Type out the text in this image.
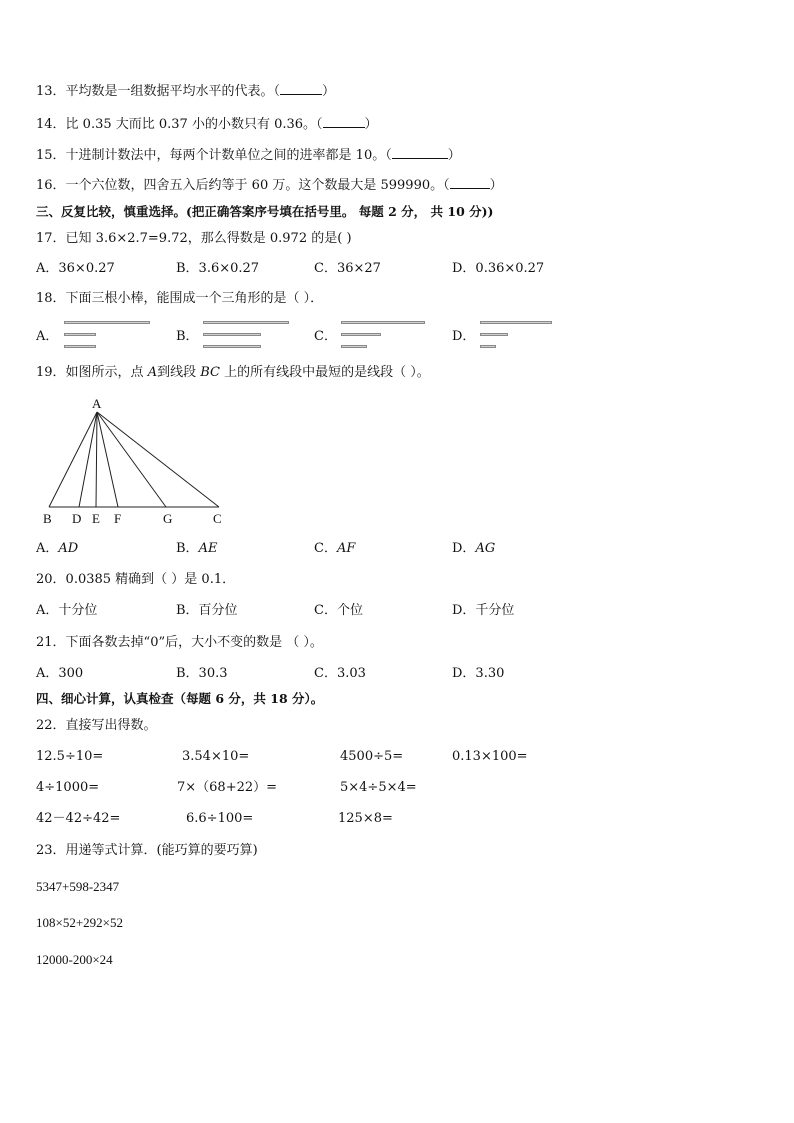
13．平均数是一组数据平均水平的代表。（	）
14．比 0.35 大而比 0.37 小的小数只有 0.36。（	）
15．十进制计数法中，每两个计数单位之间的进率都是 10。（	）
16．一个六位数，四舍五入后约等于 60 万。这个数最大是 599990。（	）
三、反复比较，慎重选择。(把正确答案序号填在括号里。 每题 2 分， 共 10 分))
17．已知 3.6×2.7=9.72，那么得数是 0.972 的是( )
A．36×0.27	B．3.6×0.27	C．36×27	D．0.36×0.27
18．下面三根小棒，能围成一个三角形的是（ ）．
A．	B．	C．	D．
19．如图所示，点 A到线段 BC 上的所有线段中最短的是线段（ ）。
A
B D E F	G	C
A．AD	B．AE	C．AF	D．AG
20．0.0385 精确到（ ）是 0.1．
A．十分位	B．百分位	C．个位	D．千分位
21．下面各数去掉“0”后，大小不变的数是 （ ）。
A．300	B．30.3	C．3.03	D．3.30
四、细心计算，认真检查（每题 6 分，共 18 分）。
22．直接写出得数。
12.5÷10=	3.54×10=	4500÷5=	0.13×100=
4÷1000=	7×（68+22）=	5×4÷5×4=
42－42÷42=	6.6÷100=	125×8=
23．用递等式计算．(能巧算的要巧算)
5347+598-2347
108×52+292×52
12000-200×24
